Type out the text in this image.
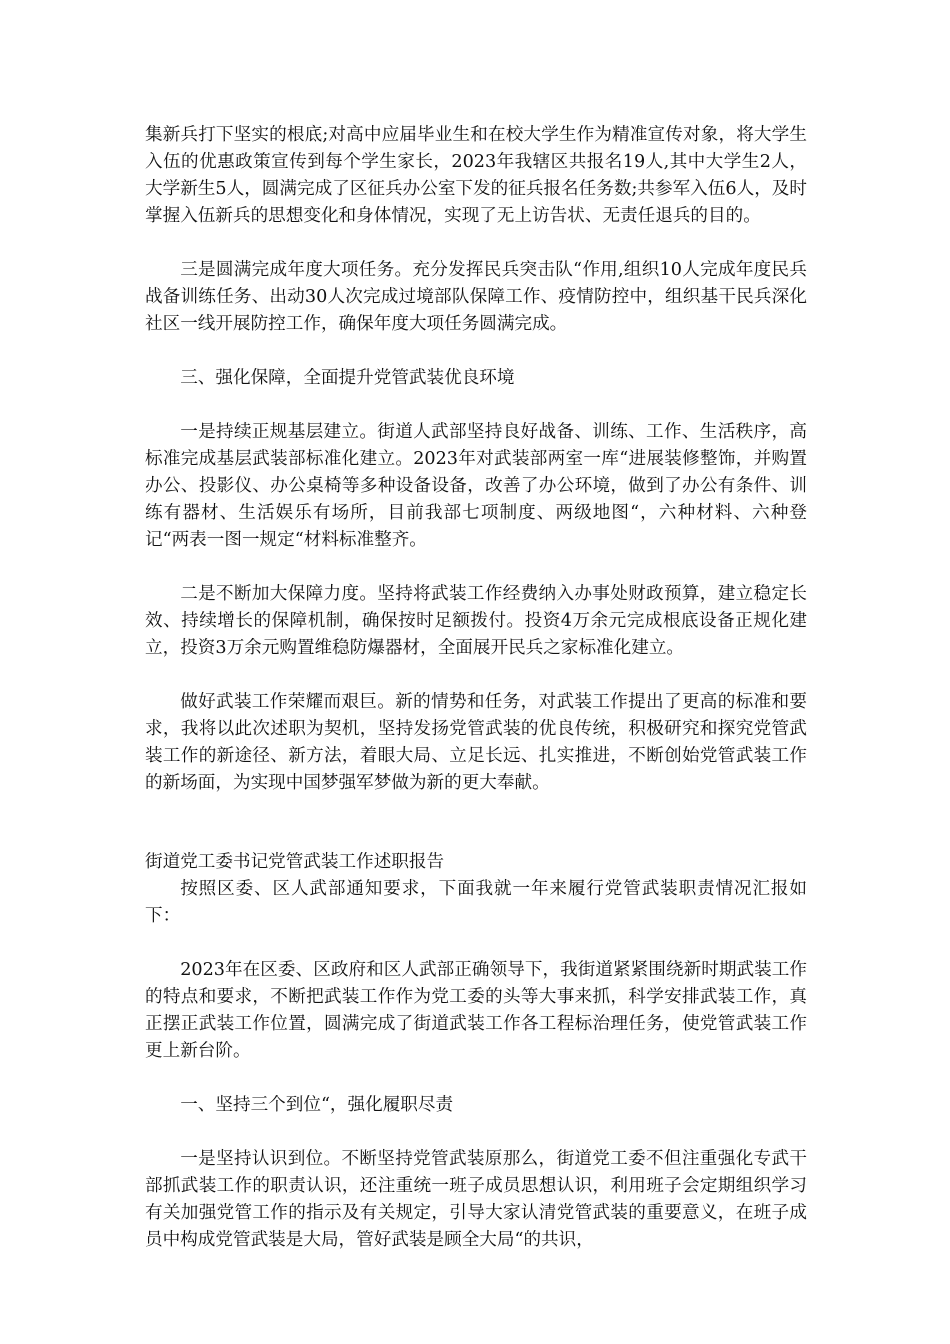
集新兵打下坚实的根底;对高中应届毕业生和在校大学生作为精准宣传对象，将大学生入伍的优惠政策宣传到每个学生家长，2023年我辖区共报名19人,其中大学生2人，大学新生5人，圆满完成了区征兵办公室下发的征兵报名任务数;共参军入伍6人，及时掌握入伍新兵的思想变化和身体情况，实现了无上访告状、无责任退兵的目的。

三是圆满完成年度大项任务。充分发挥民兵突击队“作用,组织10人完成年度民兵战备训练任务、出动30人次完成过境部队保障工作、疫情防控中，组织基干民兵深化社区一线开展防控工作，确保年度大项任务圆满完成。

三、强化保障，全面提升党管武装优良环境

一是持续正规基层建立。街道人武部坚持良好战备、训练、工作、生活秩序，高标准完成基层武装部标准化建立。2023年对武装部两室一库“进展装修整饰，并购置办公、投影仪、办公桌椅等多种设备设备，改善了办公环境，做到了办公有条件、训练有器材、生活娱乐有场所，目前我部七项制度、两级地图“，六种材料、六种登记“两表一图一规定“材料标准整齐。

二是不断加大保障力度。坚持将武装工作经费纳入办事处财政预算，建立稳定长效、持续增长的保障机制，确保按时足额拨付。投资4万余元完成根底设备正规化建立，投资3万余元购置维稳防爆器材，全面展开民兵之家标准化建立。

做好武装工作荣耀而艰巨。新的情势和任务，对武装工作提出了更高的标准和要求，我将以此次述职为契机，坚持发扬党管武装的优良传统，积极研究和探究党管武装工作的新途径、新方法，着眼大局、立足长远、扎实推进，不断创始党管武装工作的新场面，为实现中国梦强军梦做为新的更大奉献。

街道党工委书记党管武装工作述职报告

按照区委、区人武部通知要求，下面我就一年来履行党管武装职责情况汇报如下：

2023年在区委、区政府和区人武部正确领导下，我街道紧紧围绕新时期武装工作的特点和要求，不断把武装工作作为党工委的头等大事来抓，科学安排武装工作，真正摆正武装工作位置，圆满完成了街道武装工作各工程标治理任务，使党管武装工作更上新台阶。

一、坚持三个到位“，强化履职尽责

一是坚持认识到位。不断坚持党管武装原那么，街道党工委不但注重强化专武干部抓武装工作的职责认识，还注重统一班子成员思想认识，利用班子会定期组织学习有关加强党管工作的指示及有关规定，引导大家认清党管武装的重要意义，在班子成员中构成党管武装是大局，管好武装是顾全大局“的共识，
